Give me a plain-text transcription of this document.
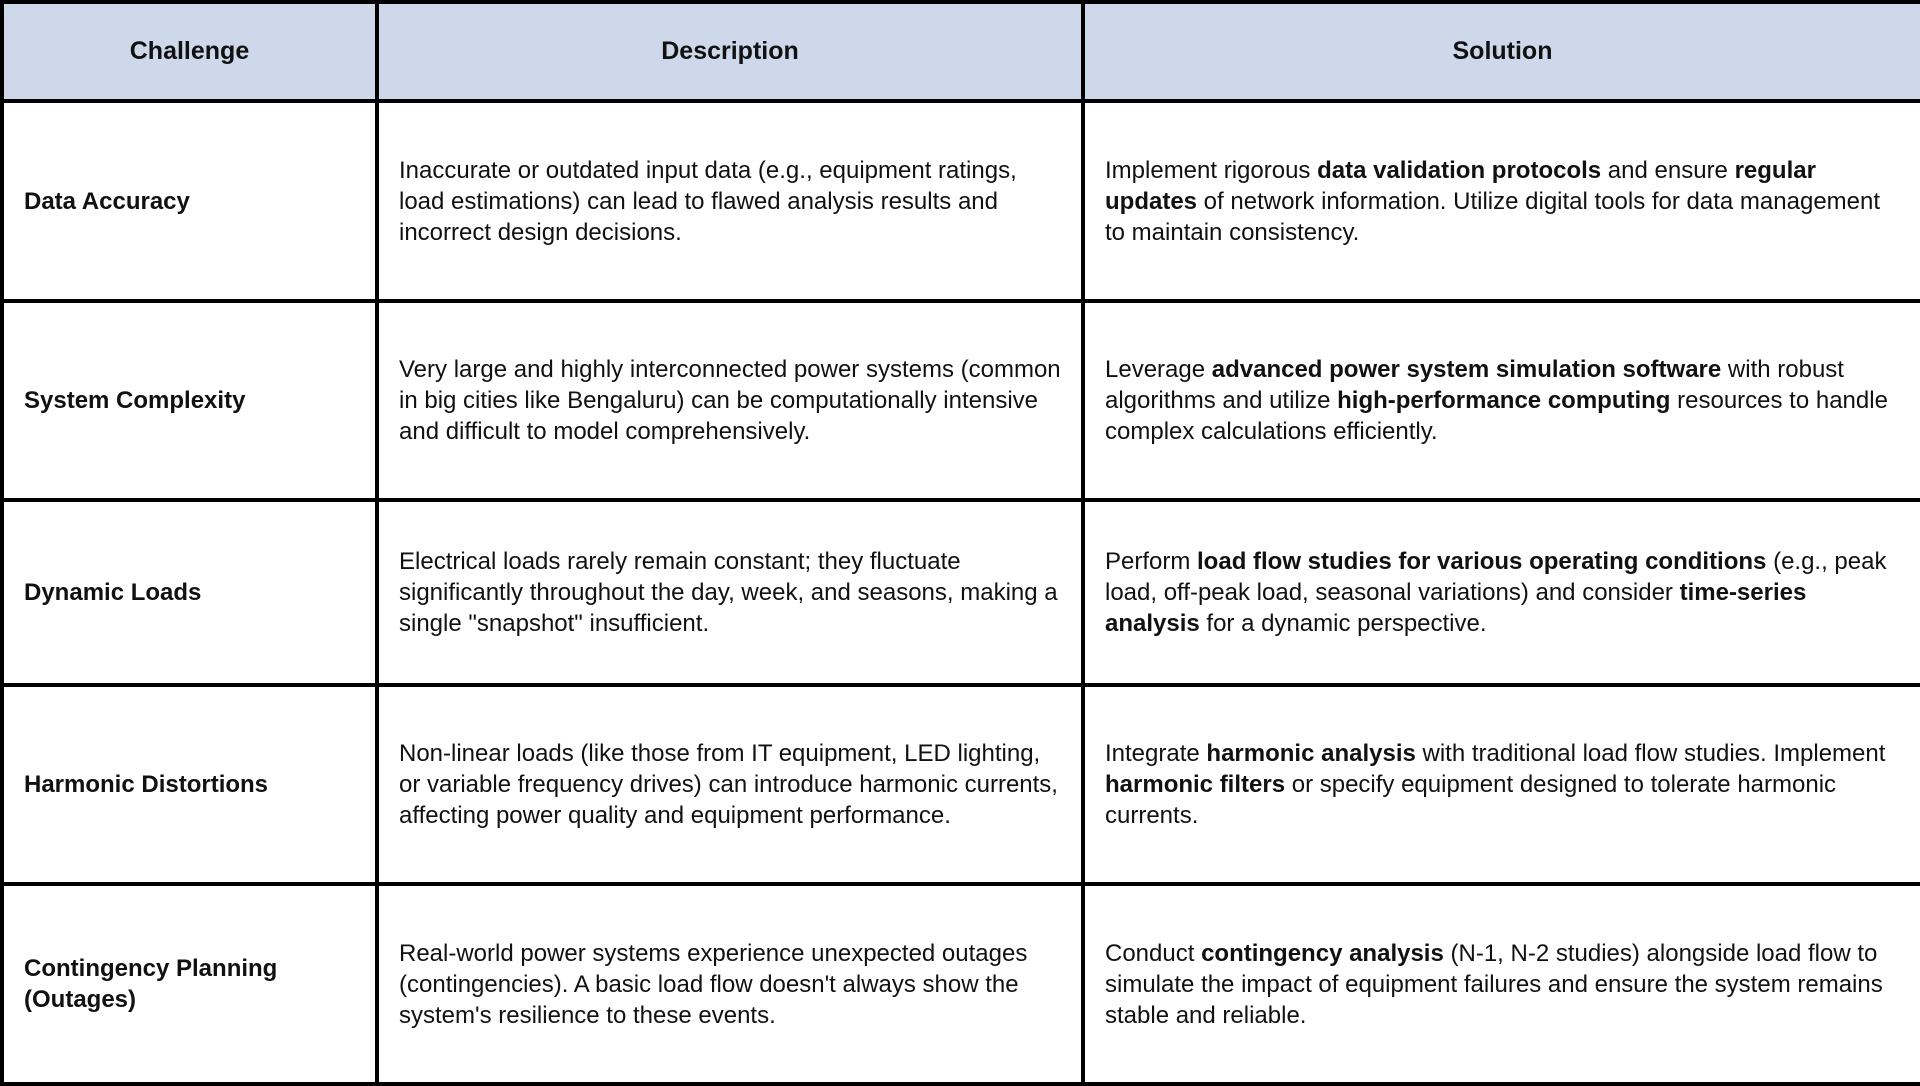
Challenge	Description	Solution
Data Accuracy	Inaccurate or outdated input data (e.g., equipment ratings, load estimations) can lead to flawed analysis results and incorrect design decisions.	Implement rigorous data validation protocols and ensure regular updates of network information. Utilize digital tools for data management to maintain consistency.
System Complexity	Very large and highly interconnected power systems (common in big cities like Bengaluru) can be computationally intensive and difficult to model comprehensively.	Leverage advanced power system simulation software with robust algorithms and utilize high-performance computing resources to handle complex calculations efficiently.
Dynamic Loads	Electrical loads rarely remain constant; they fluctuate significantly throughout the day, week, and seasons, making a single "snapshot" insufficient.	Perform load flow studies for various operating conditions (e.g., peak load, off-peak load, seasonal variations) and consider time-series analysis for a dynamic perspective.
Harmonic Distortions	Non-linear loads (like those from IT equipment, LED lighting, or variable frequency drives) can introduce harmonic currents, affecting power quality and equipment performance.	Integrate harmonic analysis with traditional load flow studies. Implement harmonic filters or specify equipment designed to tolerate harmonic currents.
Contingency Planning (Outages)	Real-world power systems experience unexpected outages (contingencies). A basic load flow doesn't always show the system's resilience to these events.	Conduct contingency analysis (N-1, N-2 studies) alongside load flow to simulate the impact of equipment failures and ensure the system remains stable and reliable.
